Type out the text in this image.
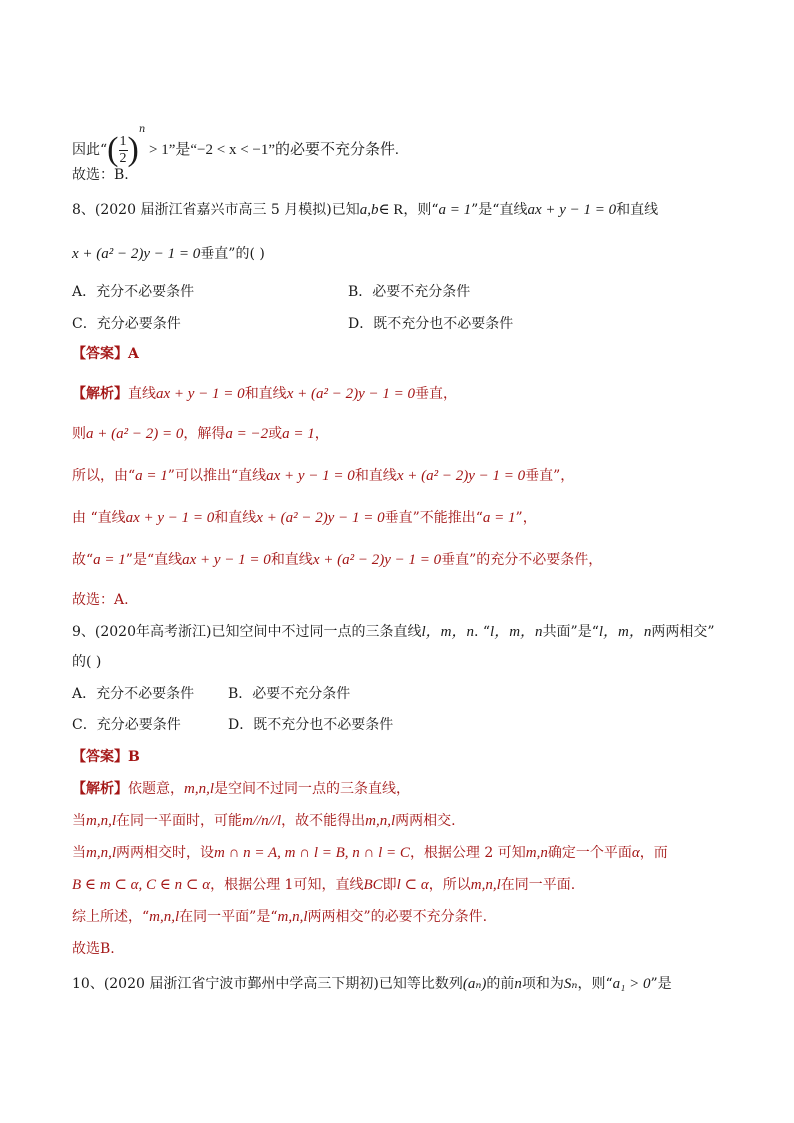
因此“( $\frac{1}{2} )^n > 1$”是“−2 < x < −1”的必要不充分条件.
故选：B.
8、(2020 届浙江省嘉兴市高三 5 月模拟)已知a,b∈ R，则“a = 1”是“直线ax + y − 1 = 0和直线
x + (a² − 2)y − 1 = 0垂直”的( )
A．充分不必要条件	B．必要不充分条件
C．充分必要条件	D．既不充分也不必要条件
【答案】A
【解析】直线ax + y − 1 = 0和直线x + (a² − 2)y − 1 = 0垂直，
则a + (a² − 2) = 0，解得a = −2或a = 1，
所以，由“a = 1”可以推出“直线ax + y − 1 = 0和直线x + (a² − 2)y − 1 = 0垂直”，
由 “直线ax + y − 1 = 0和直线x + (a² − 2)y − 1 = 0垂直”不能推出“a = 1”，
故“a = 1”是“直线ax + y − 1 = 0和直线x + (a² − 2)y − 1 = 0垂直”的充分不必要条件，
故选：A.
9、(2020年高考浙江)已知空间中不过同一点的三条直线l，m，n. “l，m，n共面”是“l，m，n两两相交”
的( )
A．充分不必要条件 B．必要不充分条件
C．充分必要条件	D．既不充分也不必要条件
【答案】B
【解析】依题意，m,n,l是空间不过同一点的三条直线，
当m,n,l在同一平面时，可能m//n//l，故不能得出m,n,l两两相交.
当m,n,l两两相交时，设m ∩ n = A, m ∩ l = B, n ∩ l = C，根据公理 2 可知m,n确定一个平面α，而
B ∈ m ⊂ α, C ∈ n ⊂ α，根据公理 1可知，直线BC即l ⊂ α，所以m,n,l在同一平面.
综上所述，“m,n,l在同一平面”是“m,n,l两两相交”的必要不充分条件.
故选B.
10、(2020 届浙江省宁波市鄞州中学高三下期初)已知等比数列(aₙ)的前n项和为Sₙ，则“a₁ > 0”是
